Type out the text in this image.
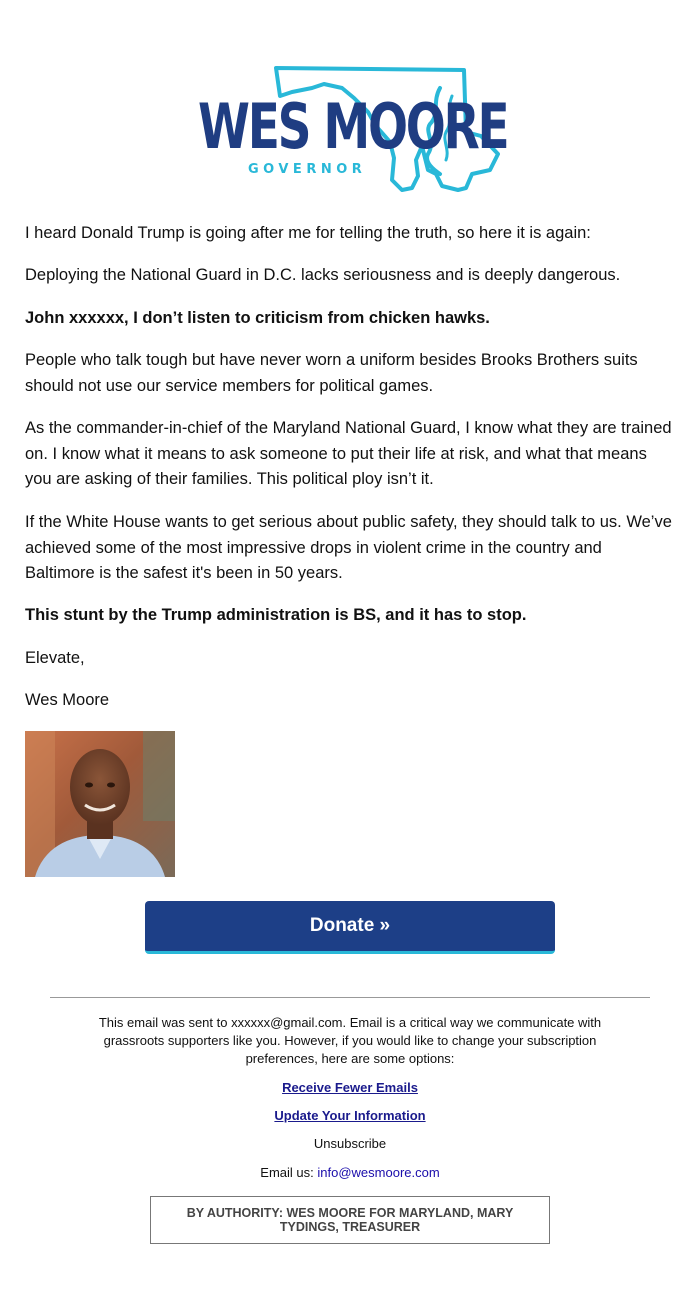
WES MOORE
GOVERNOR
I heard Donald Trump is going after me for telling the truth, so here it is again:
Deploying the National Guard in D.C. lacks seriousness and is deeply dangerous.
John xxxxxx, I don’t listen to criticism from chicken hawks.
People who talk tough but have never worn a uniform besides Brooks Brothers suits should not use our service members for political games.
As the commander-in-chief of the Maryland National Guard, I know what they are trained on. I know what it means to ask someone to put their life at risk, and what that means you are asking of their families. This political ploy isn’t it.
If the White House wants to get serious about public safety, they should talk to us. We’ve achieved some of the most impressive drops in violent crime in the country and Baltimore is the safest it's been in 50 years.
This stunt by the Trump administration is BS, and it has to stop.
Elevate,
Wes Moore
Donate »
This email was sent to xxxxxx@gmail.com. Email is a critical way we communicate with grassroots supporters like you. However, if you would like to change your subscription preferences, here are some options:
Receive Fewer Emails
Update Your Information
Unsubscribe
Email us: info@wesmoore.com
BY AUTHORITY: WES MOORE FOR MARYLAND, MARY TYDINGS, TREASURER
